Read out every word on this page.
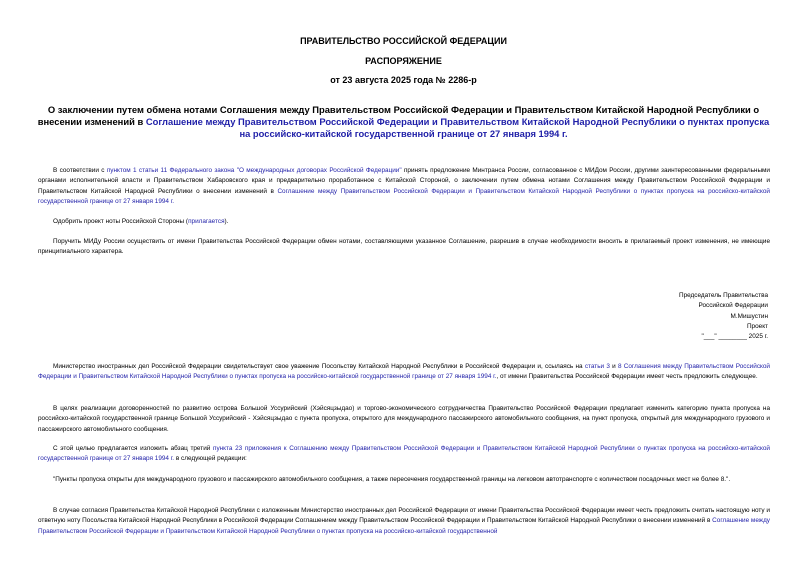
ПРАВИТЕЛЬСТВО РОССИЙСКОЙ ФЕДЕРАЦИИ
РАСПОРЯЖЕНИЕ
от 23 августа 2025 года № 2286-р
О заключении путем обмена нотами Соглашения между Правительством Российской Федерации и Правительством Китайской Народной Республики о внесении изменений в Соглашение между Правительством Российской Федерации и Правительством Китайской Народной Республики о пунктах пропуска на российско-китайской государственной границе от 27 января 1994 г.
В соответствии с пунктом 1 статьи 11 Федерального закона "О международных договорах Российской Федерации" принять предложение Минтранса России, согласованное с МИДом России, другими заинтересованными федеральными органами исполнительной власти и Правительством Хабаровского края и предварительно проработанное с Китайской Стороной, о заключении путем обмена нотами Соглашения между Правительством Российской Федерации и Правительством Китайской Народной Республики о внесении изменений в Соглашение между Правительством Российской Федерации и Правительством Китайской Народной Республики о пунктах пропуска на российско-китайской государственной границе от 27 января 1994 г.
Одобрить проект ноты Российской Стороны (прилагается).
Поручить МИДу России осуществить от имени Правительства Российской Федерации обмен нотами, составляющими указанное Соглашение, разрешив в случае необходимости вносить в прилагаемый проект изменения, не имеющие принципиального характера.
Председатель Правительства
Российской Федерации
М.Мишустин
Проект
"___" ________ 2025 г.
Министерство иностранных дел Российской Федерации свидетельствует свое уважение Посольству Китайской Народной Республики в Российской Федерации и, ссылаясь на статьи 3 и 8 Соглашения между Правительством Российской Федерации и Правительством Китайской Народной Республики о пунктах пропуска на российско-китайской государственной границе от 27 января 1994 г., от имени Правительства Российской Федерации имеет честь предложить следующее.
В целях реализации договоренностей по развитию острова Большой Уссурийский (Хэйсяцзыдао) и торгово-экономического сотрудничества Правительство Российской Федерации предлагает изменить категорию пункта пропуска на российско-китайской государственной границе Большой Уссурийский - Хэйсяцзыдао с пункта пропуска, открытого для международного пассажирского автомобильного сообщения, на пункт пропуска, открытый для международного грузового и пассажирского автомобильного сообщения.
С этой целью предлагается изложить абзац третий пункта 23 приложения к Соглашению между Правительством Российской Федерации и Правительством Китайской Народной Республики о пунктах пропуска на российско-китайской государственной границе от 27 января 1994 г. в следующей редакции:
"Пункты пропуска открыты для международного грузового и пассажирского автомобильного сообщения, а также пересечения государственной границы на легковом автотранспорте с количеством посадочных мест не более 8.".
В случае согласия Правительства Китайской Народной Республики с изложенным Министерство иностранных дел Российской Федерации от имени Правительства Российской Федерации имеет честь предложить считать настоящую ноту и ответную ноту Посольства Китайской Народной Республики в Российской Федерации Соглашением между Правительством Российской Федерации и Правительством Китайской Народной Республики о внесении изменений в Соглашение между Правительством Российской Федерации и Правительством Китайской Народной Республики о пунктах пропуска на российско-китайской государственной
